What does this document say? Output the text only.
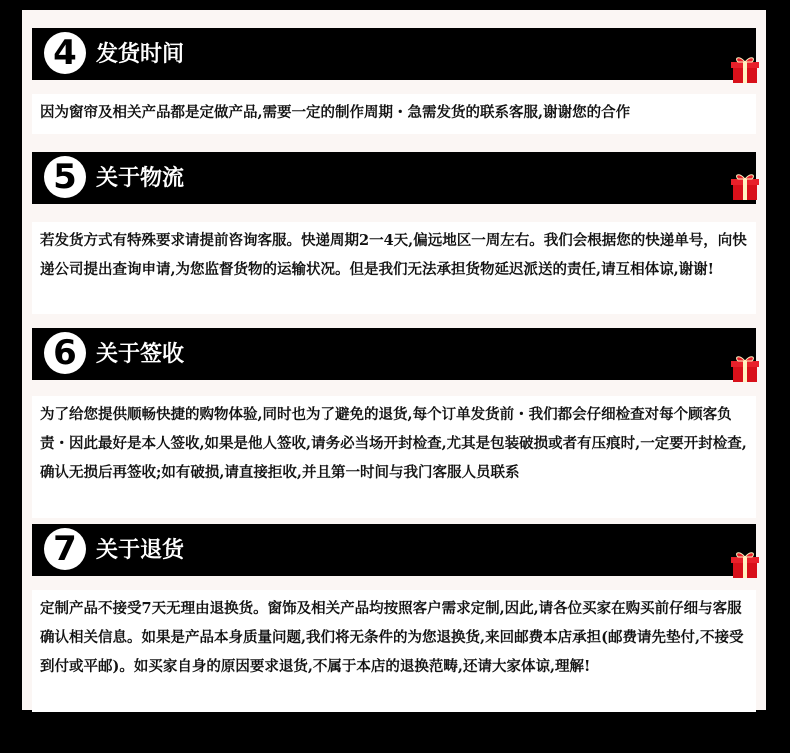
4 发货时间
因为窗帘及相关产品都是定做产品,需要一定的制作周期・急需发货的联系客服,谢谢您的合作
5 关于物流
若发货方式有特殊要求请提前咨询客服。快递周期2一4天,偏远地区一周左右。我们会根据您的快递单号，向快递公司提出查询申请,为您监督货物的运输状况。但是我们无法承担货物延迟派送的责任,请互相体谅,谢谢!
6 关于签收
为了给您提供顺畅快捷的购物体验,同时也为了避免的退货,每个订单发货前・我们都会仔细检查对每个顾客负责・因此最好是本人签收,如果是他人签收,请务必当场开封检查,尤其是包装破损或者有压痕时,一定要开封检查,确认无损后再签收;如有破损,请直接拒收,并且第一时间与我门客服人员联系
7 关于退货
定制产品不接受7天无理由退换货。窗饰及相关产品均按照客户需求定制,因此,请各位买家在购买前仔细与客服确认相关信息。如果是产品本身质量问题,我们将无条件的为您退换货,来回邮费本店承担(邮费请先垫付,不接受到付或平邮)。如买家自身的原因要求退货,不属于本店的退换范畴,还请大家体谅,理解!
